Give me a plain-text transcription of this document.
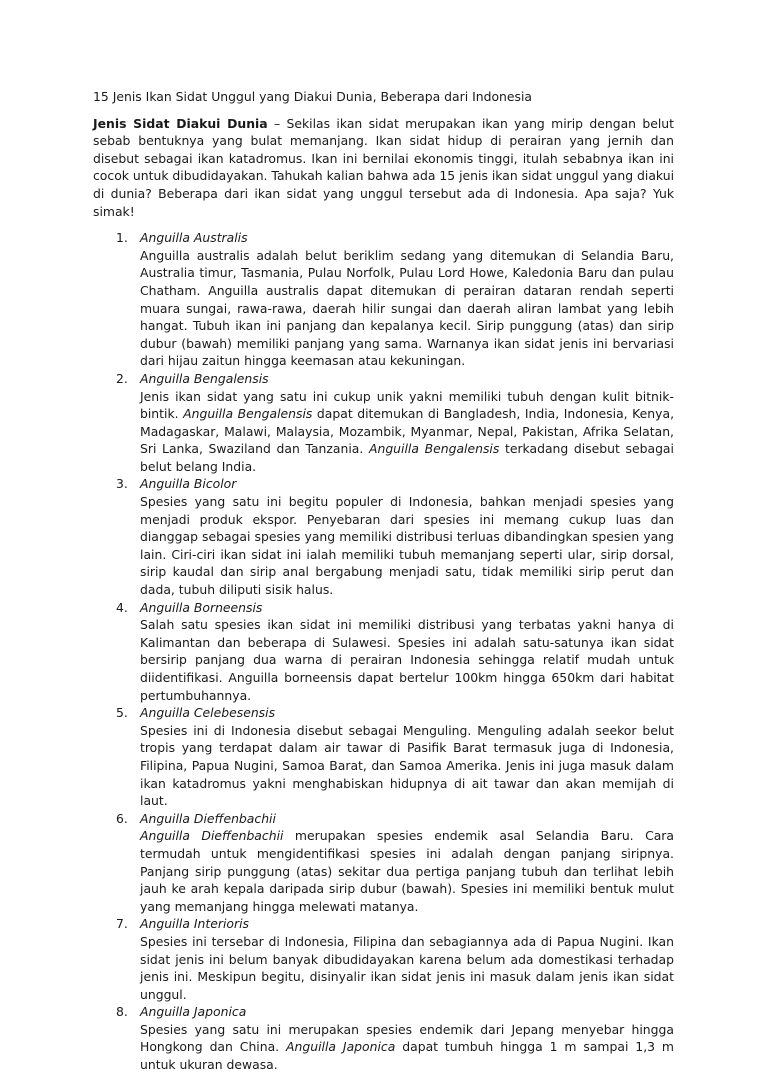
15 Jenis Ikan Sidat Unggul yang Diakui Dunia, Beberapa dari Indonesia

Jenis Sidat Diakui Dunia – Sekilas ikan sidat merupakan ikan yang mirip dengan belut sebab bentuknya yang bulat memanjang. Ikan sidat hidup di perairan yang jernih dan disebut sebagai ikan katadromus. Ikan ini bernilai ekonomis tinggi, itulah sebabnya ikan ini cocok untuk dibudidayakan. Tahukah kalian bahwa ada 15 jenis ikan sidat unggul yang diakui di dunia? Beberapa dari ikan sidat yang unggul tersebut ada di Indonesia. Apa saja? Yuk simak!

1. Anguilla Australis
Anguilla australis adalah belut beriklim sedang yang ditemukan di Selandia Baru, Australia timur, Tasmania, Pulau Norfolk, Pulau Lord Howe, Kaledonia Baru dan pulau Chatham. Anguilla australis dapat ditemukan di perairan dataran rendah seperti muara sungai, rawa-rawa, daerah hilir sungai dan daerah aliran lambat yang lebih hangat. Tubuh ikan ini panjang dan kepalanya kecil. Sirip punggung (atas) dan sirip dubur (bawah) memiliki panjang yang sama. Warnanya ikan sidat jenis ini bervariasi dari hijau zaitun hingga keemasan atau kekuningan.
2. Anguilla Bengalensis
Jenis ikan sidat yang satu ini cukup unik yakni memiliki tubuh dengan kulit bitnik-bintik. Anguilla Bengalensis dapat ditemukan di Bangladesh, India, Indonesia, Kenya, Madagaskar, Malawi, Malaysia, Mozambik, Myanmar, Nepal, Pakistan, Afrika Selatan, Sri Lanka, Swaziland dan Tanzania. Anguilla Bengalensis terkadang disebut sebagai belut belang India.
3. Anguilla Bicolor
Spesies yang satu ini begitu populer di Indonesia, bahkan menjadi spesies yang menjadi produk ekspor. Penyebaran dari spesies ini memang cukup luas dan dianggap sebagai spesies yang memiliki distribusi terluas dibandingkan spesien yang lain. Ciri-ciri ikan sidat ini ialah memiliki tubuh memanjang seperti ular, sirip dorsal, sirip kaudal dan sirip anal bergabung menjadi satu, tidak memiliki sirip perut dan dada, tubuh diliputi sisik halus.
4. Anguilla Borneensis
Salah satu spesies ikan sidat ini memiliki distribusi yang terbatas yakni hanya di Kalimantan dan beberapa di Sulawesi. Spesies ini adalah satu-satunya ikan sidat bersirip panjang dua warna di perairan Indonesia sehingga relatif mudah untuk diidentifikasi. Anguilla borneensis dapat bertelur 100km hingga 650km dari habitat pertumbuhannya.
5. Anguilla Celebesensis
Spesies ini di Indonesia disebut sebagai Menguling. Menguling adalah seekor belut tropis yang terdapat dalam air tawar di Pasifik Barat termasuk juga di Indonesia, Filipina, Papua Nugini, Samoa Barat, dan Samoa Amerika. Jenis ini juga masuk dalam ikan katadromus yakni menghabiskan hidupnya di ait tawar dan akan memijah di laut.
6. Anguilla Dieffenbachii
Anguilla Dieffenbachii merupakan spesies endemik asal Selandia Baru. Cara termudah untuk mengidentifikasi spesies ini adalah dengan panjang siripnya. Panjang sirip punggung (atas) sekitar dua pertiga panjang tubuh dan terlihat lebih jauh ke arah kepala daripada sirip dubur (bawah). Spesies ini memiliki bentuk mulut yang memanjang hingga melewati matanya.
7. Anguilla Interioris
Spesies ini tersebar di Indonesia, Filipina dan sebagiannya ada di Papua Nugini. Ikan sidat jenis ini belum banyak dibudidayakan karena belum ada domestikasi terhadap jenis ini. Meskipun begitu, disinyalir ikan sidat jenis ini masuk dalam jenis ikan sidat unggul.
8. Anguilla Japonica
Spesies yang satu ini merupakan spesies endemik dari Jepang menyebar hingga Hongkong dan China. Anguilla Japonica dapat tumbuh hingga 1 m sampai 1,3 m untuk ukuran dewasa.
